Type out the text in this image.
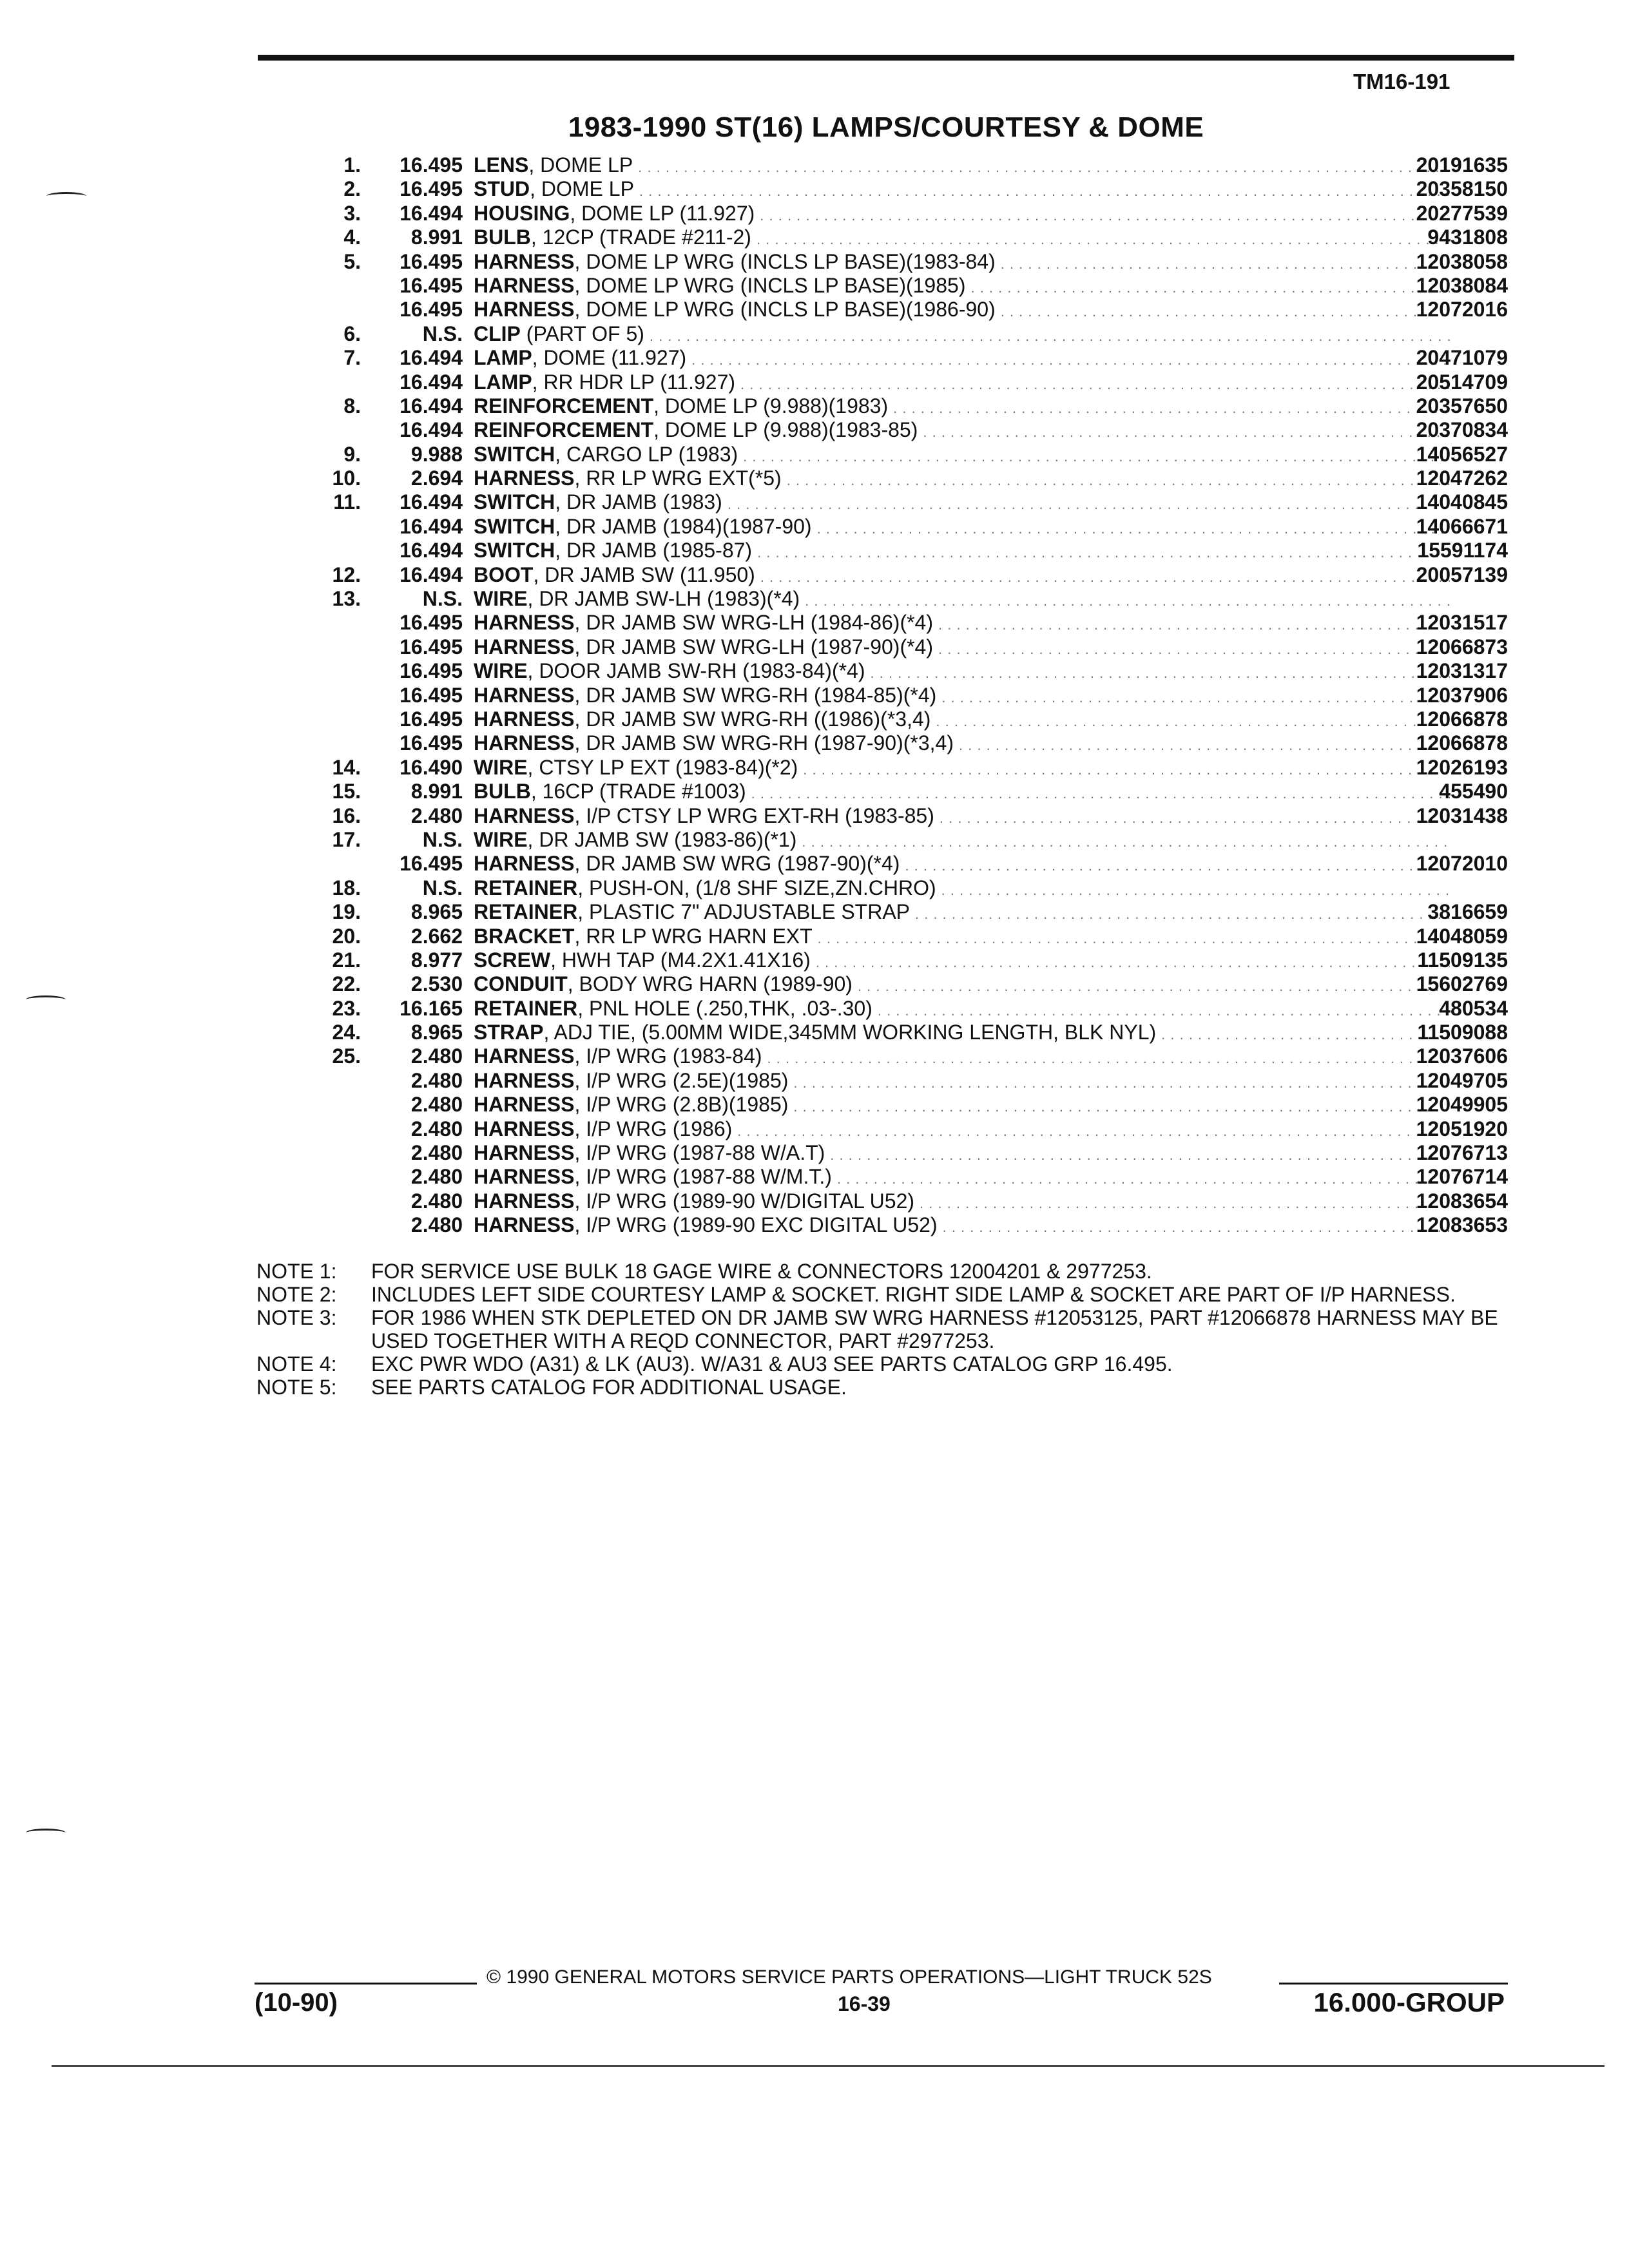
TM16-191
1983-1990 ST(16) LAMPS/COURTESY & DOME
1.	16.495 LENS, DOME LP . . .	20191635
2.	16.495 STUD, DOME LP . . .	20358150
3.	16.494 HOUSING, DOME LP (11.927) . . .	20277539
4.	8.991 BULB, 12CP (TRADE #211-2) . . .	9431808
5.	16.495 HARNESS, DOME LP WRG (INCLS LP BASE)(1983-84) . . .	12038058
16.495 HARNESS, DOME LP WRG (INCLS LP BASE)(1985) . . .	12038084
16.495 HARNESS, DOME LP WRG (INCLS LP BASE)(1986-90) . . .	12072016
6.	N.S. CLIP (PART OF 5) . . .
7.	16.494 LAMP, DOME (11.927) . . .	20471079
16.494 LAMP, RR HDR LP (11.927) . . .	20514709
8.	16.494 REINFORCEMENT, DOME LP (9.988)(1983) . . .	20357650
16.494 REINFORCEMENT, DOME LP (9.988)(1983-85) . . .	20370834
9.	9.988 SWITCH, CARGO LP (1983) . . .	14056527
10.	2.694 HARNESS, RR LP WRG EXT(*5) . . .	12047262
11.	16.494 SWITCH, DR JAMB (1983) . . .	14040845
16.494 SWITCH, DR JAMB (1984)(1987-90) . . .	14066671
16.494 SWITCH, DR JAMB (1985-87) . . .	15591174
12.	16.494 BOOT, DR JAMB SW (11.950) . . .	20057139
13.	N.S. WIRE, DR JAMB SW-LH (1983)(*4) . . .
16.495 HARNESS, DR JAMB SW WRG-LH (1984-86)(*4) . . .	12031517
16.495 HARNESS, DR JAMB SW WRG-LH (1987-90)(*4) . . .	12066873
16.495 WIRE, DOOR JAMB SW-RH (1983-84)(*4) . . .	12031317
16.495 HARNESS, DR JAMB SW WRG-RH (1984-85)(*4) . . .	12037906
16.495 HARNESS, DR JAMB SW WRG-RH ((1986)(*3,4) . . .	12066878
16.495 HARNESS, DR JAMB SW WRG-RH (1987-90)(*3,4) . . .	12066878
14.	16.490 WIRE, CTSY LP EXT (1983-84)(*2) . . .	12026193
15.	8.991 BULB, 16CP (TRADE #1003) . . .	455490
16.	2.480 HARNESS, I/P CTSY LP WRG EXT-RH (1983-85) . . .	12031438
17.	N.S. WIRE, DR JAMB SW (1983-86)(*1) . . .
16.495 HARNESS, DR JAMB SW WRG (1987-90)(*4) . . .	12072010
18.	N.S. RETAINER, PUSH-ON, (1/8 SHF SIZE,ZN.CHRO) . . .
19.	8.965 RETAINER, PLASTIC 7" ADJUSTABLE STRAP . . .	3816659
20.	2.662 BRACKET, RR LP WRG HARN EXT . . .	14048059
21.	8.977 SCREW, HWH TAP (M4.2X1.41X16) . . .	11509135
22.	2.530 CONDUIT, BODY WRG HARN (1989-90) . . .	15602769
23.	16.165 RETAINER, PNL HOLE (.250,THK, .03-.30) . . .	480534
24.	8.965 STRAP, ADJ TIE, (5.00MM WIDE,345MM WORKING LENGTH, BLK NYL) . . .	11509088
25.	2.480 HARNESS, I/P WRG (1983-84) . . .	12037606
2.480 HARNESS, I/P WRG (2.5E)(1985) . . .	12049705
2.480 HARNESS, I/P WRG (2.8B)(1985) . . .	12049905
2.480 HARNESS, I/P WRG (1986) . . .	12051920
2.480 HARNESS, I/P WRG (1987-88 W/A.T) . . .	12076713
2.480 HARNESS, I/P WRG (1987-88 W/M.T.) . . .	12076714
2.480 HARNESS, I/P WRG (1989-90 W/DIGITAL U52) . . .	12083654
2.480 HARNESS, I/P WRG (1989-90 EXC DIGITAL U52) . . .	12083653
NOTE 1:	FOR SERVICE USE BULK 18 GAGE WIRE & CONNECTORS 12004201 & 2977253.
NOTE 2:	INCLUDES LEFT SIDE COURTESY LAMP & SOCKET. RIGHT SIDE LAMP & SOCKET ARE PART OF I/P HARNESS.
NOTE 3:	FOR 1986 WHEN STK DEPLETED ON DR JAMB SW WRG HARNESS #12053125, PART #12066878 HARNESS MAY BE USED TOGETHER WITH A REQD CONNECTOR, PART #2977253.
NOTE 4:	EXC PWR WDO (A31) & LK (AU3). W/A31 & AU3 SEE PARTS CATALOG GRP 16.495.
NOTE 5:	SEE PARTS CATALOG FOR ADDITIONAL USAGE.
© 1990 GENERAL MOTORS SERVICE PARTS OPERATIONS—LIGHT TRUCK 52S
(10-90)	16-39	16.000-GROUP
